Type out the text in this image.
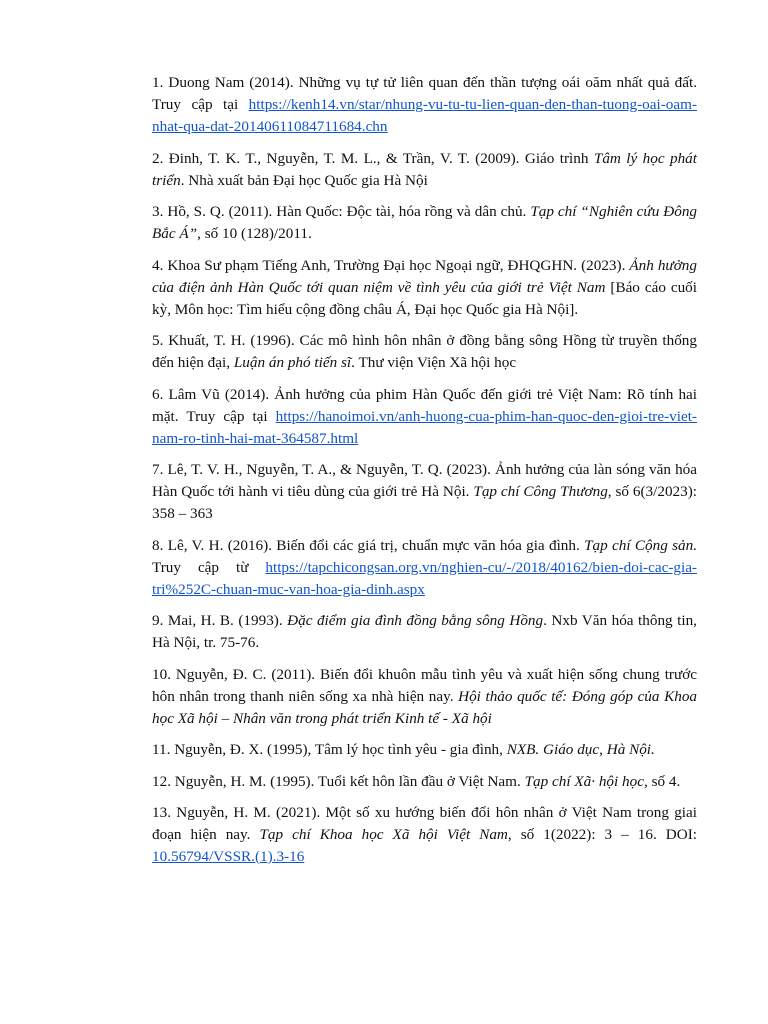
1. Duong Nam (2014). Những vụ tự tử liên quan đến thần tượng oái oăm nhất quả đất. Truy cập tại https://kenh14.vn/star/nhung-vu-tu-tu-lien-quan-den-than-tuong-oai-oam-nhat-qua-dat-20140611084711684.chn

2. Đinh, T. K. T., Nguyễn, T. M. L., & Trần, V. T. (2009). Giáo trình Tâm lý học phát triển. Nhà xuất bản Đại học Quốc gia Hà Nội

3. Hồ, S. Q. (2011). Hàn Quốc: Độc tài, hóa rồng và dân chủ. Tạp chí “Nghiên cứu Đông Bắc Á”, số 10 (128)/2011.

4. Khoa Sư phạm Tiếng Anh, Trường Đại học Ngoại ngữ, ĐHQGHN. (2023). Ảnh hưởng của điện ảnh Hàn Quốc tới quan niệm về tình yêu của giới trẻ Việt Nam [Báo cáo cuối kỳ, Môn học: Tìm hiểu cộng đồng châu Á, Đại học Quốc gia Hà Nội].

5. Khuất, T. H. (1996). Các mô hình hôn nhân ở đồng bằng sông Hồng từ truyền thống đến hiện đại, Luận án phó tiến sĩ. Thư viện Viện Xã hội học

6. Lâm Vũ (2014). Ảnh hưởng của phim Hàn Quốc đến giới trẻ Việt Nam: Rõ tính hai mặt. Truy cập tại https://hanoimoi.vn/anh-huong-cua-phim-han-quoc-den-gioi-tre-viet-nam-ro-tinh-hai-mat-364587.html

7. Lê, T. V. H., Nguyễn, T. A., & Nguyễn, T. Q. (2023). Ảnh hưởng của làn sóng văn hóa Hàn Quốc tới hành vi tiêu dùng của giới trẻ Hà Nội. Tạp chí Công Thương, số 6(3/2023): 358 – 363

8. Lê, V. H. (2016). Biến đổi các giá trị, chuẩn mực văn hóa gia đình. Tạp chí Cộng sản. Truy cập từ https://tapchicongsan.org.vn/nghien-cu/-/2018/40162/bien-doi-cac-gia-tri%252C-chuan-muc-van-hoa-gia-dinh.aspx

9. Mai, H. B. (1993). Đặc điểm gia đình đồng bằng sông Hồng. Nxb Văn hóa thông tin, Hà Nội, tr. 75-76.

10. Nguyễn, Đ. C. (2011). Biến đổi khuôn mẫu tình yêu và xuất hiện sống chung trước hôn nhân trong thanh niên sống xa nhà hiện nay. Hội thảo quốc tế: Đóng góp của Khoa học Xã hội – Nhân văn trong phát triển Kinh tế - Xã hội

11. Nguyễn, Đ. X. (1995), Tâm lý học tình yêu - gia đình, NXB. Giáo dục, Hà Nội.

12. Nguyễn, H. M. (1995). Tuổi kết hôn lần đầu ở Việt Nam. Tạp chí Xã· hội học, số 4.

13. Nguyễn, H. M. (2021). Một số xu hướng biến đổi hôn nhân ở Việt Nam trong giai đoạn hiện nay. Tạp chí Khoa học Xã hội Việt Nam, số 1(2022): 3 – 16. DOI: 10.56794/VSSR.(1).3-16
